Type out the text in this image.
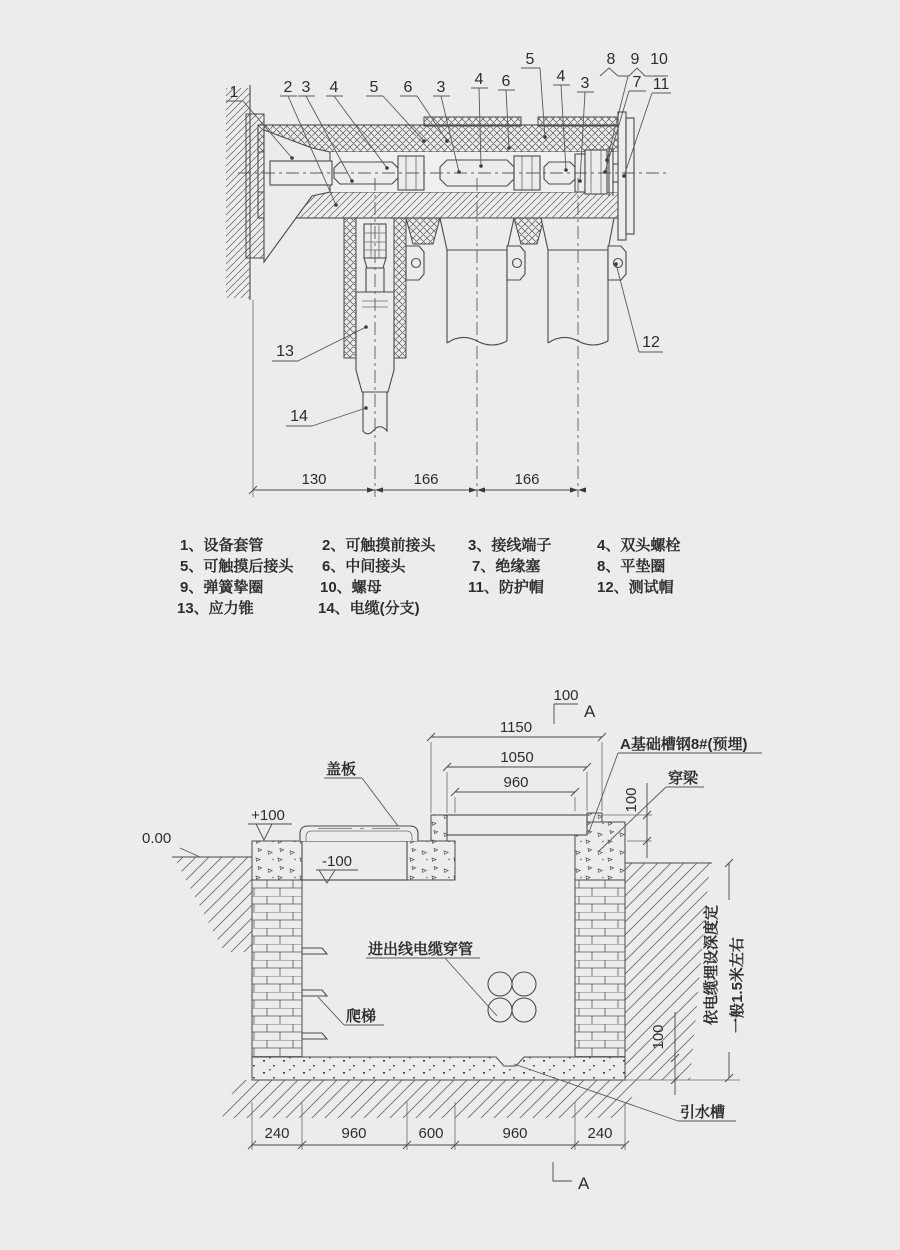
130	166	166
5	8 9 10
1	2 3 4 5 6 3 4 6	4 3	7 11
12
13
14
1、设备套管	2、可触摸前接头 3、接线端子	4、双头螺栓
5、可触摸后接头 6、中间接头	7、绝缘塞	8、平垫圈
9、弹簧挚圈	10、螺母	11、防护帽	12、测试帽
13、应力锥	14、电缆(分支)
100
A
1150
1050
960
0.00
+100
-100
盖板
A基础槽钢8#(预埋)
穿梁
100
爬梯
进出线电缆穿管
100
依电缆埋设深度定 一般1.5米左右
引水槽
240	960	600	960	240
A
